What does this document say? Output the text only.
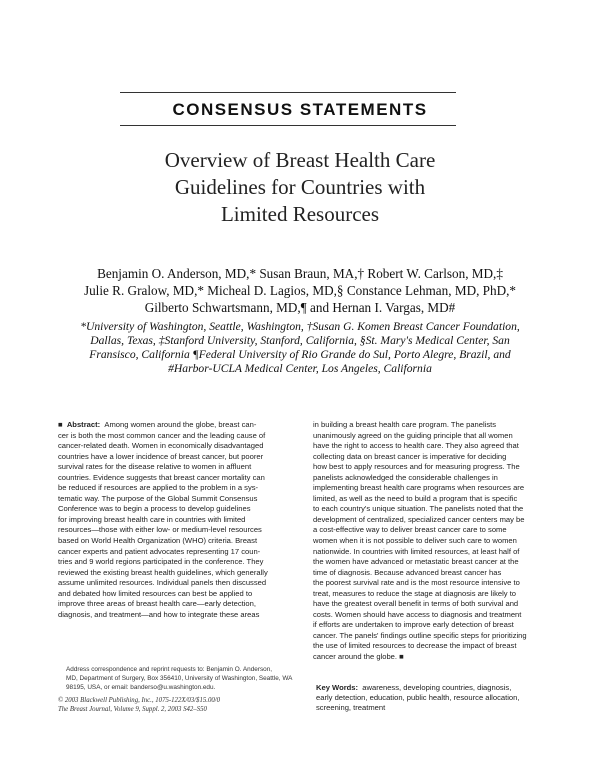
CONSENSUS STATEMENTS
Overview of Breast Health Care
Guidelines for Countries with
Limited Resources
Benjamin O. Anderson, MD,* Susan Braun, MA,† Robert W. Carlson, MD,‡
Julie R. Gralow, MD,* Micheal D. Lagios, MD,§ Constance Lehman, MD, PhD,*
Gilberto Schwartsmann, MD,¶ and Hernan I. Vargas, MD#
*University of Washington, Seattle, Washington, †Susan G. Komen Breast Cancer Foundation,
Dallas, Texas, ‡Stanford University, Stanford, California, §St. Mary's Medical Center, San
Fransisco, California ¶Federal University of Rio Grande do Sul, Porto Alegre, Brazil, and
#Harbor-UCLA Medical Center, Los Angeles, California
■ Abstract: Among women around the globe, breast can-
cer is both the most common cancer and the leading cause of
cancer-related death. Women in economically disadvantaged
countries have a lower incidence of breast cancer, but poorer
survival rates for the disease relative to women in affluent
countries. Evidence suggests that breast cancer mortality can
be reduced if resources are applied to the problem in a sys-
tematic way. The purpose of the Global Summit Consensus
Conference was to begin a process to develop guidelines
for improving breast health care in countries with limited
resources—those with either low- or medium-level resources
based on World Health Organization (WHO) criteria. Breast
cancer experts and patient advocates representing 17 coun-
tries and 9 world regions participated in the conference. They
reviewed the existing breast health guidelines, which generally
assume unlimited resources. Individual panels then discussed
and debated how limited resources can best be applied to
improve three areas of breast health care—early detection,
diagnosis, and treatment—and how to integrate these areas
Address correspondence and reprint requests to: Benjamin O. Anderson,
MD, Department of Surgery, Box 356410, University of Washington, Seattle, WA
98195, USA, or email: banderso@u.washington.edu.
© 2003 Blackwell Publishing, Inc., 1075-122X/03/$15.00/0
The Breast Journal, Volume 9, Suppl. 2, 2003 S42–S50
in building a breast health care program. The panelists
unanimously agreed on the guiding principle that all women
have the right to access to health care. They also agreed that
collecting data on breast cancer is imperative for deciding
how best to apply resources and for measuring progress. The
panelists acknowledged the considerable challenges in
implementing breast health care programs when resources are
limited, as well as the need to build a program that is specific
to each country's unique situation. The panelists noted that the
development of centralized, specialized cancer centers may be
a cost-effective way to deliver breast cancer care to some
women when it is not possible to deliver such care to women
nationwide. In countries with limited resources, at least half of
the women have advanced or metastatic breast cancer at the
time of diagnosis. Because advanced breast cancer has
the poorest survival rate and is the most resource intensive to
treat, measures to reduce the stage at diagnosis are likely to
have the greatest overall benefit in terms of both survival and
costs. Women should have access to diagnosis and treatment
if efforts are undertaken to improve early detection of breast
cancer. The panels' findings outline specific steps for prioritizing
the use of limited resources to decrease the impact of breast
cancer around the globe. ■
Key Words: awareness, developing countries, diagnosis,
early detection, education, public health, resource allocation,
screening, treatment
